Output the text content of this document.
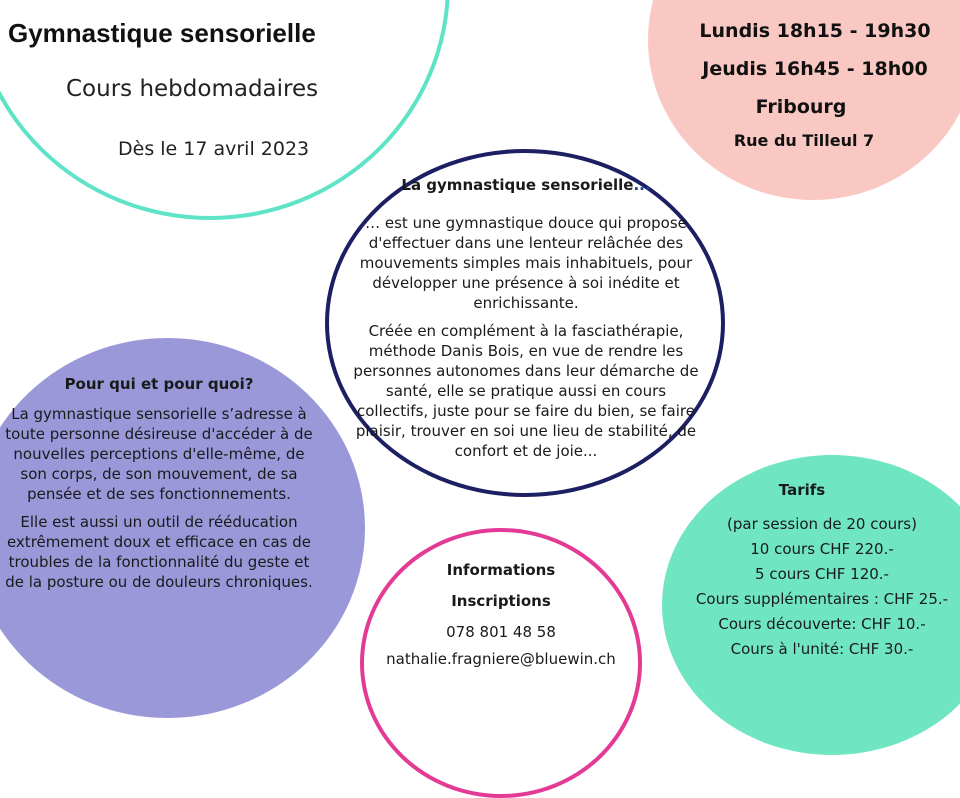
Gymnastique sensorielle
Cours hebdomadaires
Dès le 17 avril 2023
Lundis 18h15 - 19h30
Jeudis 16h45 - 18h00
Fribourg
Rue du Tilleul 7
La gymnastique sensorielle...

… est une gymnastique douce qui propose d'effectuer dans une lenteur relâchée des mouvements simples mais inhabituels, pour développer une présence à soi inédite et enrichissante.

Créée en complément à la fasciathérapie, méthode Danis Bois, en vue de rendre les personnes autonomes dans leur démarche de santé, elle se pratique aussi en cours collectifs, juste pour se faire du bien, se faire plaisir, trouver en soi une lieu de stabilité, de confort et de joie...

Pour qui et pour quoi?

La gymnastique sensorielle s’adresse à toute personne désireuse d'accéder à de nouvelles perceptions d'elle-même, de son corps, de son mouvement, de sa pensée et de ses fonctionnements.

Elle est aussi un outil de rééducation extrêmement doux et efficace en cas de troubles de la fonctionnalité du geste et de la posture ou de douleurs chroniques.

Informations
Inscriptions
078 801 48 58
nathalie.fragniere@bluewin.ch
Tarifs
(par session de 20 cours)
10 cours CHF 220.-
5 cours CHF 120.-
Cours supplémentaires : CHF 25.-
Cours découverte: CHF 10.-
Cours à l'unité: CHF 30.-
